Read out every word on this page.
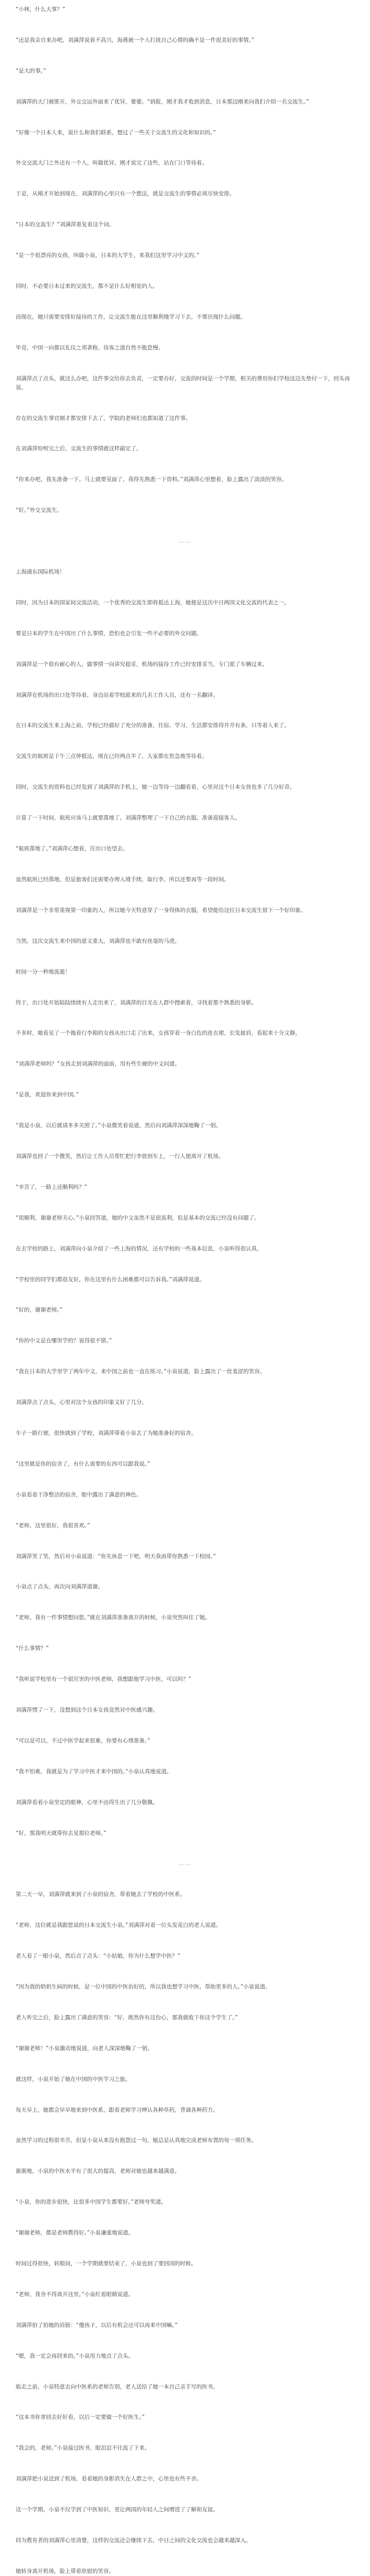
“小林，什么大事？”

“还是我亲自来办吧，刘满萍说着不高兴，海燕被一个人打扰自己心情的确不是一件很美好的事情。”

“是大的事。”

刘满萍的大门被推开，外交交运外面来了优异，婆婆。“到报，刚才我才收到消息，日本那边刚来向我们介绍一名交流生。”

“好像一个日本人来，说什么和我们联系，想过了一些关于交流生的文化和知识的。”

外交交流大门之外还有一个人，叫做优异，刚才说完了这些，站在门口等待着。

于是，从刚才开始到现在，刘满萍的心里只有一个想法，就是交流生的事情必须尽快安排。

“日本的交流生？”刘满萍重复着这个词。

“是一个很漂亮的女孩，叫做小泉，日本的大学生，来我们这里学习中文的。”

同时，不必要日本过来的交流生，都不是什么好相处的人。

而现在，她只需要安排好接待的工作，让交流生能在这里顺利地学习下去，不要出现什么问题。

毕竟，中国一向都以礼仪之邦著称，待客之道自然不能怠慢。

刘满萍点了点头，就这么办吧，这件事交给你去负责，一定要办好，交流的时间是一个学期，相关的费用你们学校这边先垫付一下，回头再说。

存在的交流生事宜刚才都安排下去了，学院的老师们也都知道了这件事。

在刘满萍吩咐完之后，交流生的事情就这样敲定了。

“你来办吧，我先准备一下。马上就要见面了，我得先熟悉一下资料。”刘满萍心里想着，脸上露出了淡淡的笑容。

“好。”外交交流生。

……

上海浦东国际机场！

同时，因为日本的国家间交流活动，一个优秀的交流生即将抵达上海，她便是这次中日两国文化交流的代表之一。

要是日本的学生在中国出了什么事情，恐怕也会引发一些不必要的外交问题。

刘满萍是一个很有耐心的人，做事情一向讲究稳妥，机场的接待工作已经安排妥当，专门派了车辆过来。

刘满萍在机场的出口处等待着，身边站着学校派来的几名工作人员，还有一名翻译。

在日本的交流生来上海之前，学校已经做好了充分的准备，住宿、学习、生活都安排得井井有条，只等着人来了。

交流生的航班是下午三点钟抵达，现在已经两点半了，大家都在焦急地等待着。

同时，交流生的资料也已经发到了刘满萍的手机上，她一边等待一边翻看着，心里对这个日本女孩也多了几分好奇。

计算了一下时间，航班应该马上就要落地了。刘满萍整理了一下自己的衣服，准备迎接客人。

“航班落地了。”刘满萍心想着，往出口处望去。

虽然航班已经落地，但是旅客们还需要办理入境手续，取行李，所以还要再等一段时间。

刘满萍是一个非常重视第一印象的人，所以她今天特意穿了一身得体的衣服，希望能给这位日本交流生留下一个好印象。

当然，这次交流生来中国的意义重大，刘满萍也不敢有丝毫的马虎。

时间一分一秒地流逝！

终于，出口处开始陆陆续续有人走出来了，刘满萍的目光在人群中搜索着，寻找着那个熟悉的身影。

不多时，她看见了一个拖着行李箱的女孩从出口走了出来，女孩穿着一身白色的连衣裙，长发披肩，看起来十分文静。

“刘满萍老师吗？”女孩走到刘满萍的面前，用有些生硬的中文问道。

“是我，欢迎你来到中国。”

“我是小泉，以后就请多多关照了。”小泉微笑着说道，然后向刘满萍深深地鞠了一躬。

刘满萍也回了一个微笑，然后让工作人员帮忙把行李放到车上，一行人便离开了机场。

“辛苦了，一路上还顺利吗？”

“很顺利，谢谢老师关心。”小泉回答道，她的中文虽然不是很流利，但是基本的交流已经没有问题了。

在去学校的路上，刘满萍向小泉介绍了一些上海的情况，还有学校的一些基本信息，小泉听得很认真。

“学校里的同学们都很友好，你在这里有什么困难都可以告诉我。”刘满萍说道。

“好的，谢谢老师。”

“你的中文是在哪里学的？说得很不错。”

“我在日本的大学里学了两年中文，来中国之前也一直在练习。”小泉说道，脸上露出了一丝羞涩的笑容。

刘满萍点了点头，心里对这个女孩的印象又好了几分。

车子一路行驶，很快就到了学校，刘满萍带着小泉去了为她准备好的宿舍。

“这里就是你的宿舍了，有什么需要的东西可以跟我说。”

小泉看着干净整洁的宿舍，眼中露出了满意的神色。

“老师，这里很好，我很喜欢。”

刘满萍笑了笑，然后对小泉说道：“你先休息一下吧，明天我再带你熟悉一下校园。”

小泉点了点头，再次向刘满萍道谢。

“老师，我有一件事情想问您。”就在刘满萍准备离开的时候，小泉突然叫住了她。

“什么事情？”

“我听说学校里有一个很厉害的中医老师，我想跟他学习中医，可以吗？”

刘满萍愣了一下，没想到这个日本女孩竟然对中医感兴趣。

“可以是可以，不过中医学起来很难，你要有心理准备。”

“我不怕难，我就是为了学习中医才来中国的。”小泉认真地说道。

刘满萍看着小泉坚定的眼神，心里不由得生出了几分敬佩。

“好，那我明天就带你去见那位老师。”

……

第二天一早，刘满萍就来到了小泉的宿舍，带着她去了学校的中医系。

“老师，这位就是我跟您说的日本交流生小泉。”刘满萍对着一位头发花白的老人说道。

老人看了一眼小泉，然后点了点头：“小姑娘，你为什么想学中医？”

“因为我的奶奶生病的时候，是一位中国的中医治好的，所以我也想学习中医，帮助更多的人。”小泉说道。

老人听完之后，脸上露出了满意的笑容：“好，既然你有这份心，那我就收下你这个学生了。”

“谢谢老师！”小泉激动地说道，向老人深深地鞠了一躬。

就这样，小泉开始了她在中国的中医学习之旅。

每天早上，她都会早早地来到中医系，跟着老师学习辨认各种草药，背诵各种药方。

虽然学习的过程很辛苦，但是小泉从来没有抱怨过一句，她总是认真地完成老师布置的每一项任务。

渐渐地，小泉的中医水平有了很大的提高，老师对她也越来越满意。

“小泉，你的进步很快，比很多中国学生都要好。”老师夸奖道。

“谢谢老师，都是老师教得好。”小泉谦虚地说道。

时间过得很快，转眼间，一个学期就要结束了，小泉也到了要回国的时候。

“老师，我舍不得离开这里。”小泉红着眼睛说道。

刘满萍拍了拍她的肩膀：“傻孩子，以后有机会还可以再来中国嘛。”

“嗯，我一定会再回来的。”小泉用力地点了点头。

临走之前，小泉特意去向中医系的老师告别，老人送给了她一本自己亲手写的医书。

“这本书你拿回去好好看，以后一定要做一个好医生。”

“我会的，老师。”小泉接过医书，眼泪忍不住流了下来。

刘满萍把小泉送到了机场，看着她的身影消失在人群之中，心里也有些不舍。

这一个学期，小泉不仅学到了中医知识，更让两国的年轻人之间增进了了解和友谊。

同为教育者的刘满萍心里清楚，这样的交流还会继续下去，中日之间的文化交流也会越来越深入。

她转身离开机场，脸上带着欣慰的笑容。
